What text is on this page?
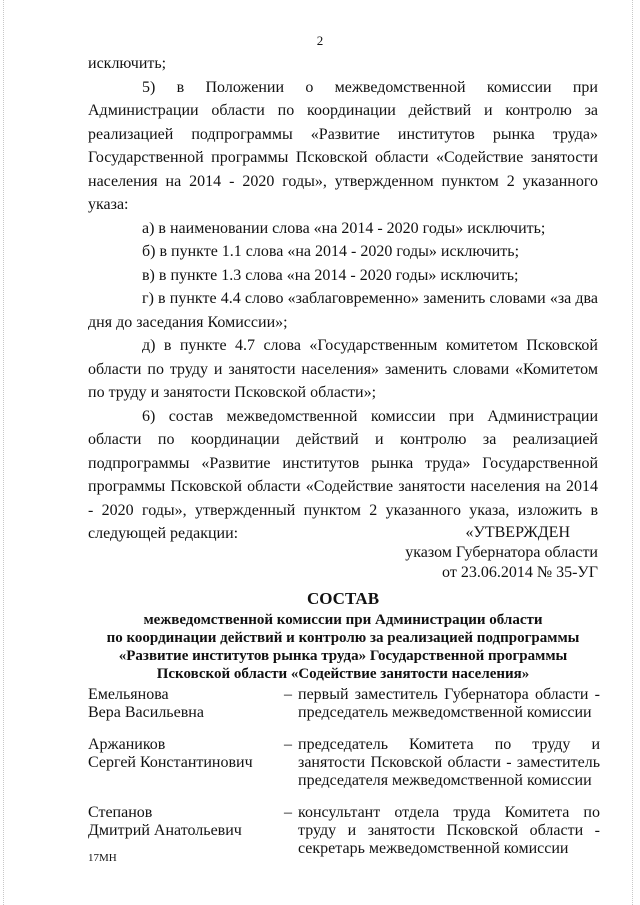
2

исключить;

5) в Положении о межведомственной комиссии при Администрации области по координации действий и контролю за реализацией подпрограммы «Развитие институтов рынка труда» Государственной программы Псковской области «Содействие занятости населения на 2014 - 2020 годы», утвержденном пунктом 2 указанного указа:

а) в наименовании слова «на 2014 - 2020 годы» исключить;

б) в пункте 1.1 слова «на 2014 - 2020 годы» исключить;

в) в пункте 1.3 слова «на 2014 - 2020 годы» исключить;

г) в пункте 4.4 слово «заблаговременно» заменить словами «за два дня до заседания Комиссии»;

д) в пункте 4.7 слова «Государственным комитетом Псковской области по труду и занятости населения» заменить словами «Комитетом по труду и занятости Псковской области»;

6) состав межведомственной комиссии при Администрации области по координации действий и контролю за реализацией подпрограммы «Развитие институтов рынка труда» Государственной программы Псковской области «Содействие занятости населения на 2014 - 2020 годы», утвержденный пунктом 2 указанного указа, изложить в следующей редакции:	«УТВЕРЖДЕН
указом Губернатора области
от 23.06.2014 № 35-УГ
СОСТАВ
межведомственной комиссии при Администрации области
по координации действий и контролю за реализацией подпрограммы
«Развитие институтов рынка труда» Государственной программы
Псковской области «Содействие занятости населения»
Емельянова
Вера Васильевна
– первый заместитель Губернатора области - председатель межведомственной комиссии
Аржаников
Сергей Константинович
– председатель Комитета по труду и занятости Псковской области - заместитель председателя межведомственной комиссии
Степанов
Дмитрий Анатольевич
– консультант отдела труда Комитета по труду и занятости Псковской области - секретарь межведомственной комиссии
17МН
